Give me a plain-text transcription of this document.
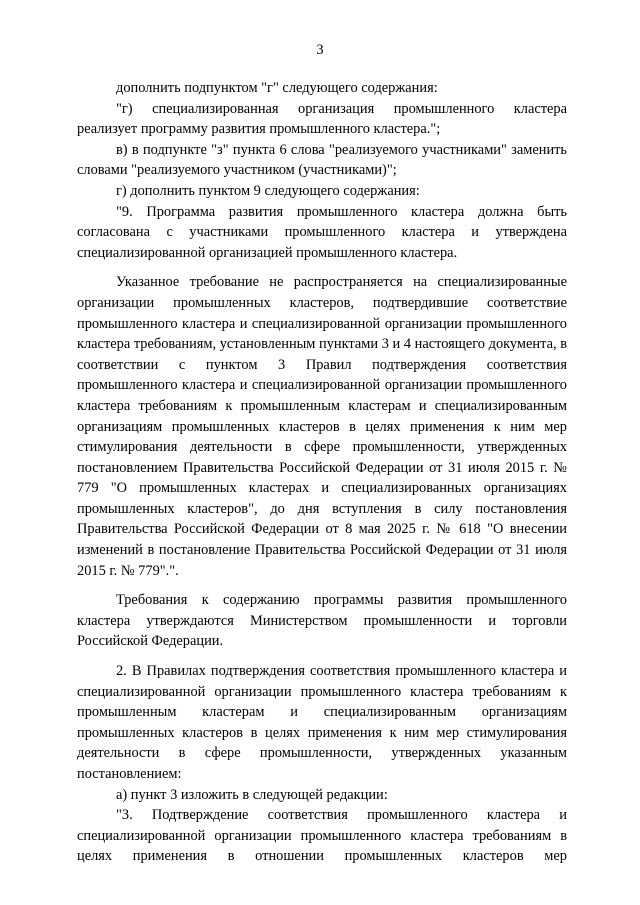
3

дополнить подпунктом "г" следующего содержания:

"г) специализированная организация промышленного кластера реализует программу развития промышленного кластера.";

в) в подпункте "з" пункта 6 слова "реализуемого участниками" заменить словами "реализуемого участником (участниками)";

г) дополнить пунктом 9 следующего содержания:

"9. Программа развития промышленного кластера должна быть согласована с участниками промышленного кластера и утверждена специализированной организацией промышленного кластера.

Указанное требование не распространяется на специализированные организации промышленных кластеров, подтвердившие соответствие промышленного кластера и специализированной организации промышленного кластера требованиям, установленным пунктами 3 и 4 настоящего документа, в соответствии с пунктом 3 Правил подтверждения соответствия промышленного кластера и специализированной организации промышленного кластера требованиям к промышленным кластерам и специализированным организациям промышленных кластеров в целях применения к ним мер стимулирования деятельности в сфере промышленности, утвержденных постановлением Правительства Российской Федерации от 31 июля 2015 г. № 779 "О промышленных кластерах и специализированных организациях промышленных кластеров", до дня вступления в силу постановления Правительства Российской Федерации от 8 мая 2025 г. № 618 "О внесении изменений в постановление Правительства Российской Федерации от 31 июля 2015 г. № 779".".

Требования к содержанию программы развития промышленного кластера утверждаются Министерством промышленности и торговли Российской Федерации.

2. В Правилах подтверждения соответствия промышленного кластера и специализированной организации промышленного кластера требованиям к промышленным кластерам и специализированным организациям промышленных кластеров в целях применения к ним мер стимулирования деятельности в сфере промышленности, утвержденных указанным постановлением:

а) пункт 3 изложить в следующей редакции:

"3. Подтверждение соответствия промышленного кластера и специализированной организации промышленного кластера требованиям в целях применения в отношении промышленных кластеров мер
